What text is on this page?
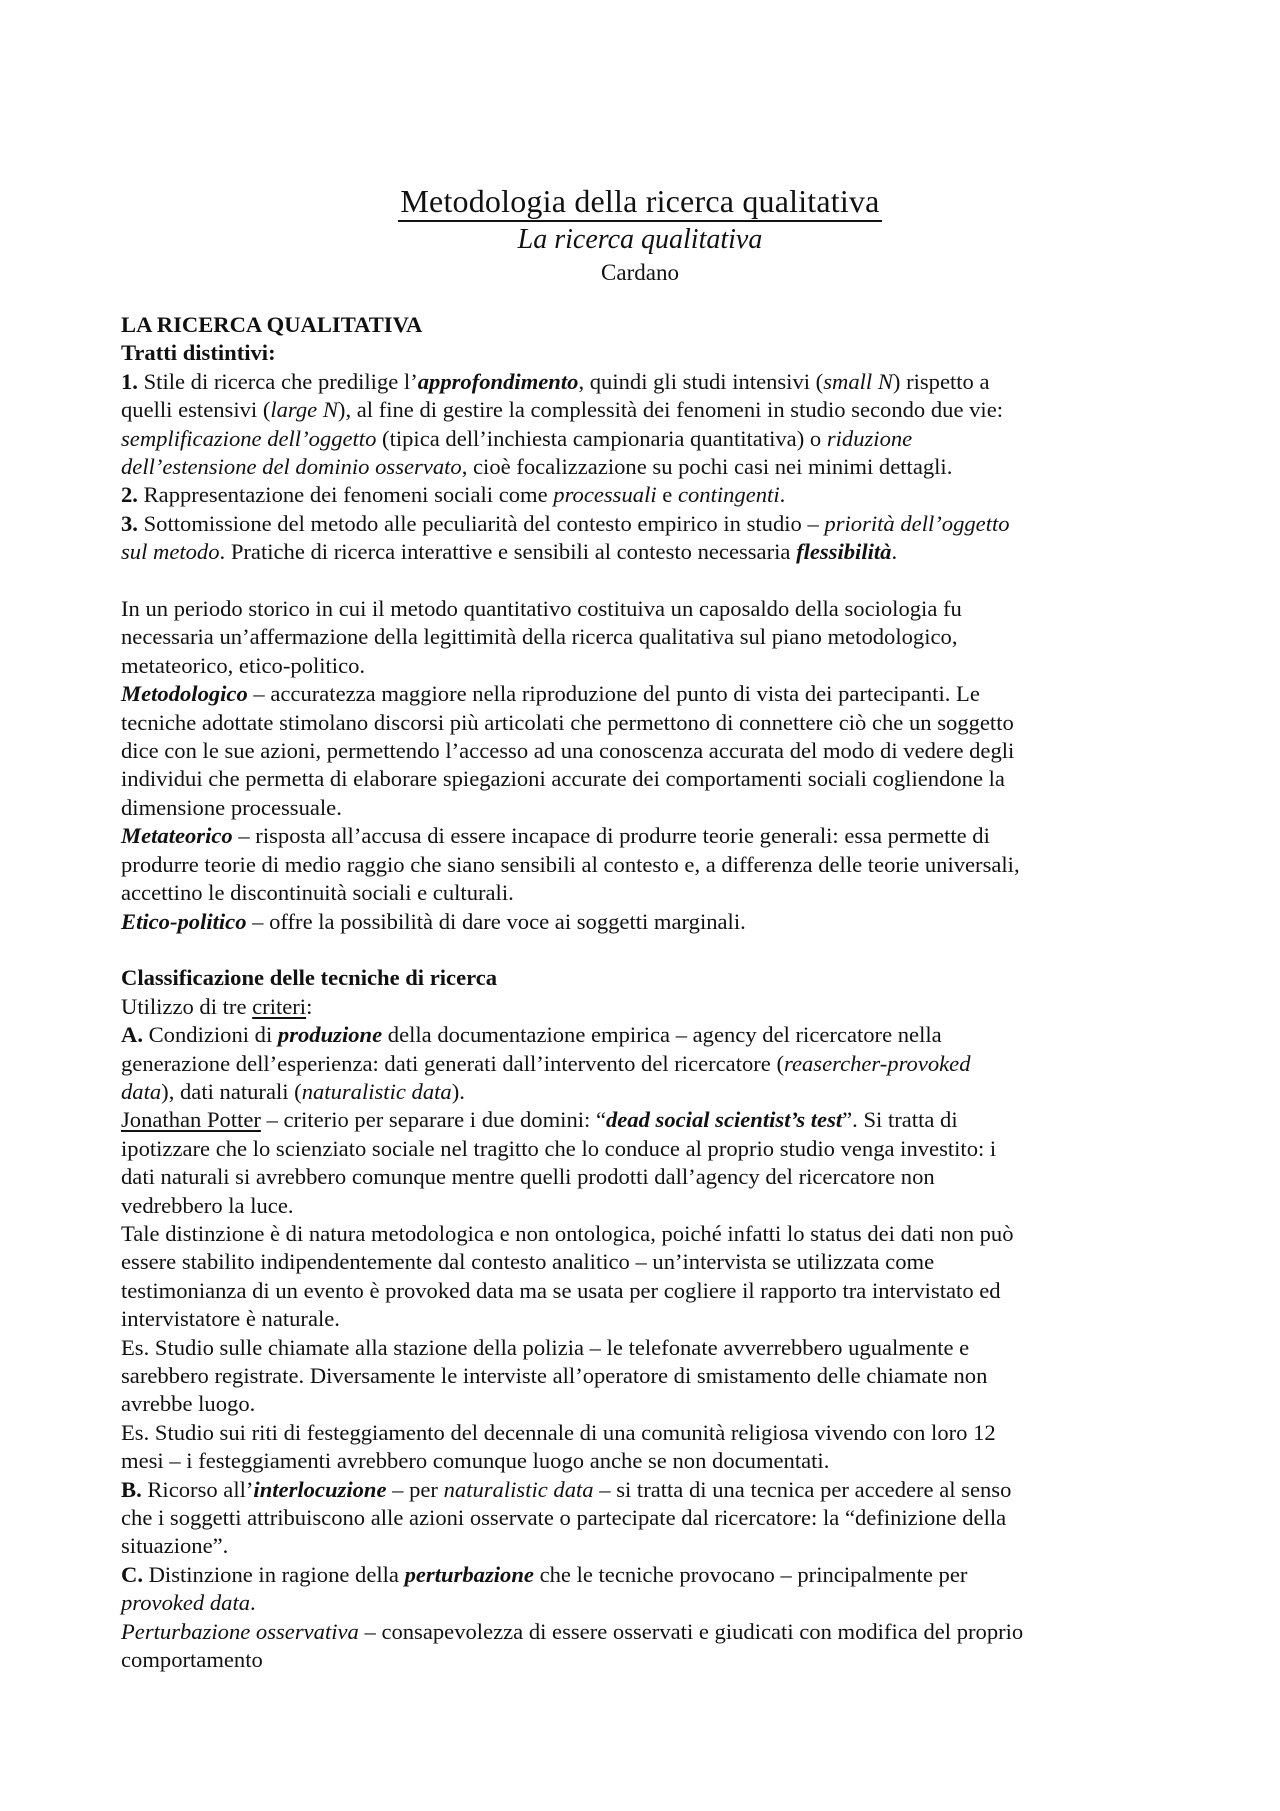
Metodologia della ricerca qualitativa
La ricerca qualitativa
Cardano
LA RICERCA QUALITATIVA
Tratti distintivi:
1. Stile di ricerca che predilige l’approfondimento, quindi gli studi intensivi (small N) rispetto a
quelli estensivi (large N), al fine di gestire la complessità dei fenomeni in studio secondo due vie:
semplificazione dell’oggetto (tipica dell’inchiesta campionaria quantitativa) o riduzione
dell’estensione del dominio osservato, cioè focalizzazione su pochi casi nei minimi dettagli.
2. Rappresentazione dei fenomeni sociali come processuali e contingenti.
3. Sottomissione del metodo alle peculiarità del contesto empirico in studio – priorità dell’oggetto
sul metodo. Pratiche di ricerca interattive e sensibili al contesto necessaria flessibilità.
In un periodo storico in cui il metodo quantitativo costituiva un caposaldo della sociologia fu
necessaria un’affermazione della legittimità della ricerca qualitativa sul piano metodologico,
metateorico, etico-politico.
Metodologico – accuratezza maggiore nella riproduzione del punto di vista dei partecipanti. Le
tecniche adottate stimolano discorsi più articolati che permettono di connettere ciò che un soggetto
dice con le sue azioni, permettendo l’accesso ad una conoscenza accurata del modo di vedere degli
individui che permetta di elaborare spiegazioni accurate dei comportamenti sociali cogliendone la
dimensione processuale.
Metateorico – risposta all’accusa di essere incapace di produrre teorie generali: essa permette di
produrre teorie di medio raggio che siano sensibili al contesto e, a differenza delle teorie universali,
accettino le discontinuità sociali e culturali.
Etico-politico – offre la possibilità di dare voce ai soggetti marginali.
Classificazione delle tecniche di ricerca
Utilizzo di tre criteri:
A. Condizioni di produzione della documentazione empirica – agency del ricercatore nella
generazione dell’esperienza: dati generati dall’intervento del ricercatore (reasercher-provoked
data), dati naturali (naturalistic data).
Jonathan Potter – criterio per separare i due domini: “dead social scientist’s test”. Si tratta di
ipotizzare che lo scienziato sociale nel tragitto che lo conduce al proprio studio venga investito: i
dati naturali si avrebbero comunque mentre quelli prodotti dall’agency del ricercatore non
vedrebbero la luce.
Tale distinzione è di natura metodologica e non ontologica, poiché infatti lo status dei dati non può
essere stabilito indipendentemente dal contesto analitico – un’intervista se utilizzata come
testimonianza di un evento è provoked data ma se usata per cogliere il rapporto tra intervistato ed
intervistatore è naturale.
Es. Studio sulle chiamate alla stazione della polizia – le telefonate avverrebbero ugualmente e
sarebbero registrate. Diversamente le interviste all’operatore di smistamento delle chiamate non
avrebbe luogo.
Es. Studio sui riti di festeggiamento del decennale di una comunità religiosa vivendo con loro 12
mesi – i festeggiamenti avrebbero comunque luogo anche se non documentati.
B. Ricorso all’interlocuzione – per naturalistic data – si tratta di una tecnica per accedere al senso
che i soggetti attribuiscono alle azioni osservate o partecipate dal ricercatore: la “definizione della
situazione”.
C. Distinzione in ragione della perturbazione che le tecniche provocano – principalmente per
provoked data.
Perturbazione osservativa – consapevolezza di essere osservati e giudicati con modifica del proprio
comportamento
